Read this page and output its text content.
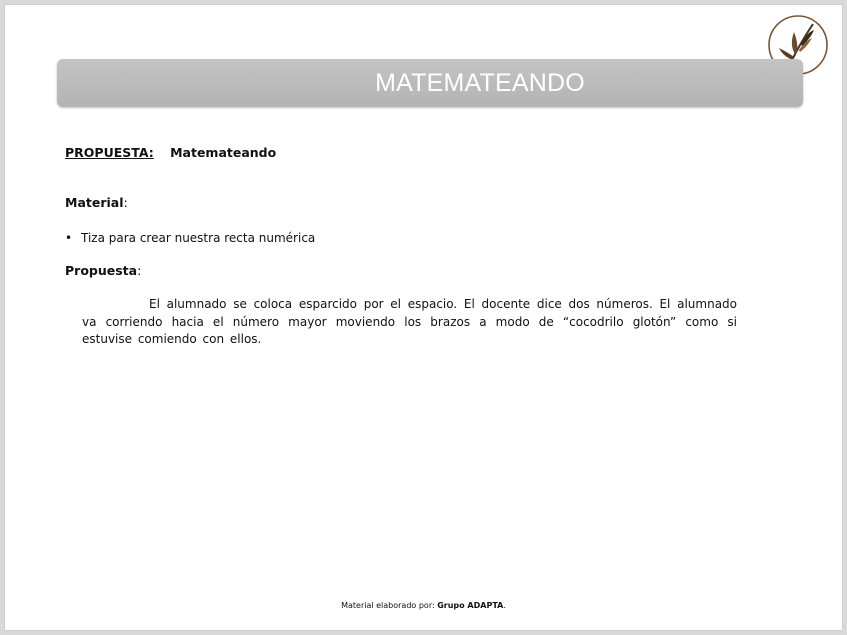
MATEMATEANDO
PROPUESTA: Matemateando
Material:
• Tiza para crear nuestra recta numérica
Propuesta:
El alumnado se coloca esparcido por el espacio. El docente dice dos números. El alumnado va corriendo hacia el número mayor moviendo los brazos a modo de “cocodrilo glotón” como si estuvise comiendo con ellos.
Material elaborado por: Grupo ADAPTA.
